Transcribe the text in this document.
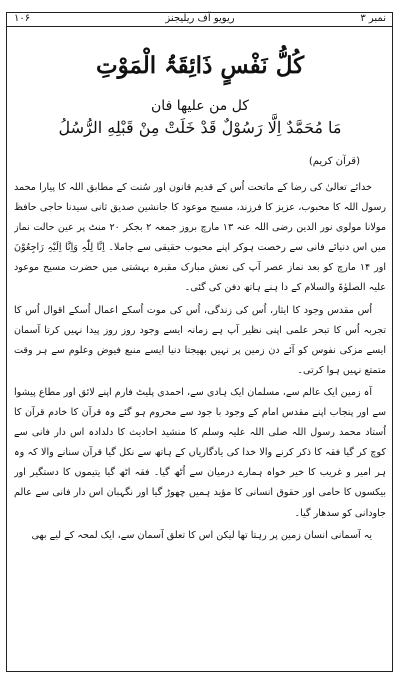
نمبر ۳
ریویو آف ریلیجنز
۱۰۶
کُلُّ نَفْسٍ ذَائِقَۃُ الْمَوْتِ
کل من علیها فان
مَا مُحَمَّدٌ اِلَّا رَسُوْلٌ قَدْ خَلَتْ مِنْ قَبْلِهِ الرُّسُلُ
(قرآن کریم)

خدائے تعالیٰ کی رضا کے ماتحت اُس کے قدیم قانون اور سُنت کے مطابق اللہ کا پیارا محمد رسول اللہ کا محبوب، عزیز کا فرزند، مسیح موعود کا جانشین صدیق ثانی سیدنا حاجی حافظ مولانا مولوی نور الدین رضی اللہ عنہ ۱۳ مارچ بروز جمعہ ۲ بجکر ۲۰ منٹ پر عین حالت نماز میں اس دنیائے فانی سے رخصت ہوکر اپنے محبوب حقیقی سے جاملا۔ اِنَّا لِلّٰہِ وَاِنَّا اِلَیْہِ رَاجِعُوْنَ اور ۱۴ مارچ کو بعد نماز عصر آپ کی نعش مبارک مقبرہ بہشتی میں حضرت مسیح موعود علیہ الصلوٰۃ والسلام کے دا ہنے ہاتھ دفن کی گئی۔

اُس مقدس وجود کا ایثار، اُس کی زندگی، اُس کی موت اُسکے اعمال اُسکے اقوال اُس کا تجربہ اُس کا تبحر علمی اپنی نظیر آپ ہے زمانہ ایسے وجود روز روز پیدا نہیں کرتا آسمان ایسے مزکی نفوس کو آئے دن زمین پر نہیں بھیجتا دنیا ایسے منبع فیوض وعلوم سے ہر وقت متمتع نہیں ہوا کرتی۔

آہ زمین ایک عالم سے، مسلمان ایک ہادی سے، احمدی پلیٹ فارم اپنے لائق اور مطاع پیشوا سے اور پنجاب اپنے مقدس امام کے وجود با جود سے محروم ہو گئے وہ قرآن کا خادم قرآن کا اُستاد محمد رسول اللہ صلی اللہ علیہ وسلم کا منشید احادیث کا دلدادہ اس دار فانی سے کوچ کر گیا فقہ کا ذکر کرنے والا خدا کی یادگاریاں کے ہاتھ سے نکل گیا قرآن سنانے والا کہ وہ ہر امیر و غریب کا خیر خواہ ہمارے درمیان سے اُٹھ گیا۔ فقہ اٹھ گیا یتیموں کا دستگیر اور بیکسوں کا حامی اور حقوق انسانی کا مؤید ہمیں چھوڑ گیا اور نگہبان اس دار فانی سے عالم جاودانی کو سدھار گیا۔

یہ آسمانی انسان زمین پر رہتا تھا لیکن اس کا تعلق آسمان سے، ایک لمحہ کے لیے بھی
